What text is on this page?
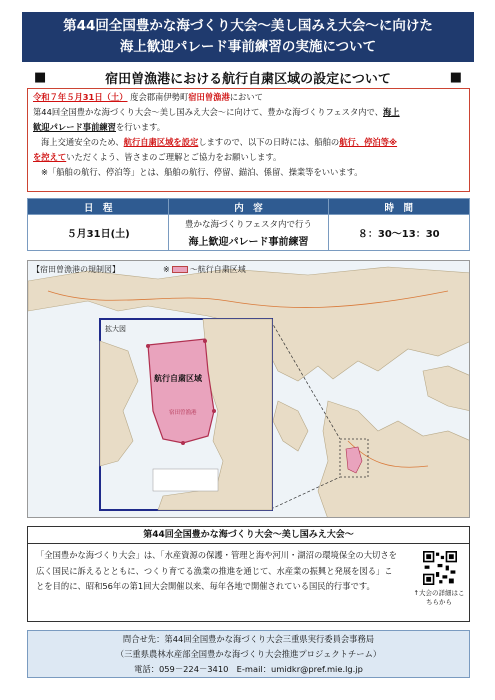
第44回全国豊かな海づくり大会～美し国みえ大会～に向けた
海上歓迎パレード事前練習の実施について
■	宿田曽漁港における航行自粛区域の設定について	■
令和７年５月31日（土） 度会郡南伊勢町宿田曽漁港において
第44回全国豊かな海づくり大会～美し国みえ大会～に向けて、豊かな海づくりフェスタ内で、海上
歓迎パレード事前練習を行います。
海上交通安全のため、航行自粛区域を設定しますので、以下の日時には、船舶の航行、停泊等※
を控えていただくよう、皆さまのご理解とご協力をお願いします。
※「船舶の航行、停泊等」とは、船舶の航行、停留、錨泊、係留、操業等をいいます。
日　程	内　容	時　間
５月31日(土)	豊かな海づくりフェスタ内で行う
海上歓迎パレード事前練習	８：30～13：30
拡大図
航行自粛区域
宿田曽漁港
【宿田曽漁港の規制図】	※	～航行自粛区域
第44回全国豊かな海づくり大会～美し国みえ大会～
「全国豊かな海づくり大会」は、「水産資源の保護・管理と海や河川・湖沼の環境保全の大切さを広く国民に訴えるとともに、つくり育てる漁業の推進を通じて、水産業の振興と発展を図る」ことを目的に、昭和56年の第1回大会開催以来、毎年各地で開催されている国民的行事です。
↑大会の詳細はこちらから
問合せ先：第44回全国豊かな海づくり大会三重県実行委員会事務局
（三重県農林水産部全国豊かな海づくり大会推進プロジェクトチーム）
電話：059－224－3410　E-mail：umidkr@pref.mie.lg.jp
